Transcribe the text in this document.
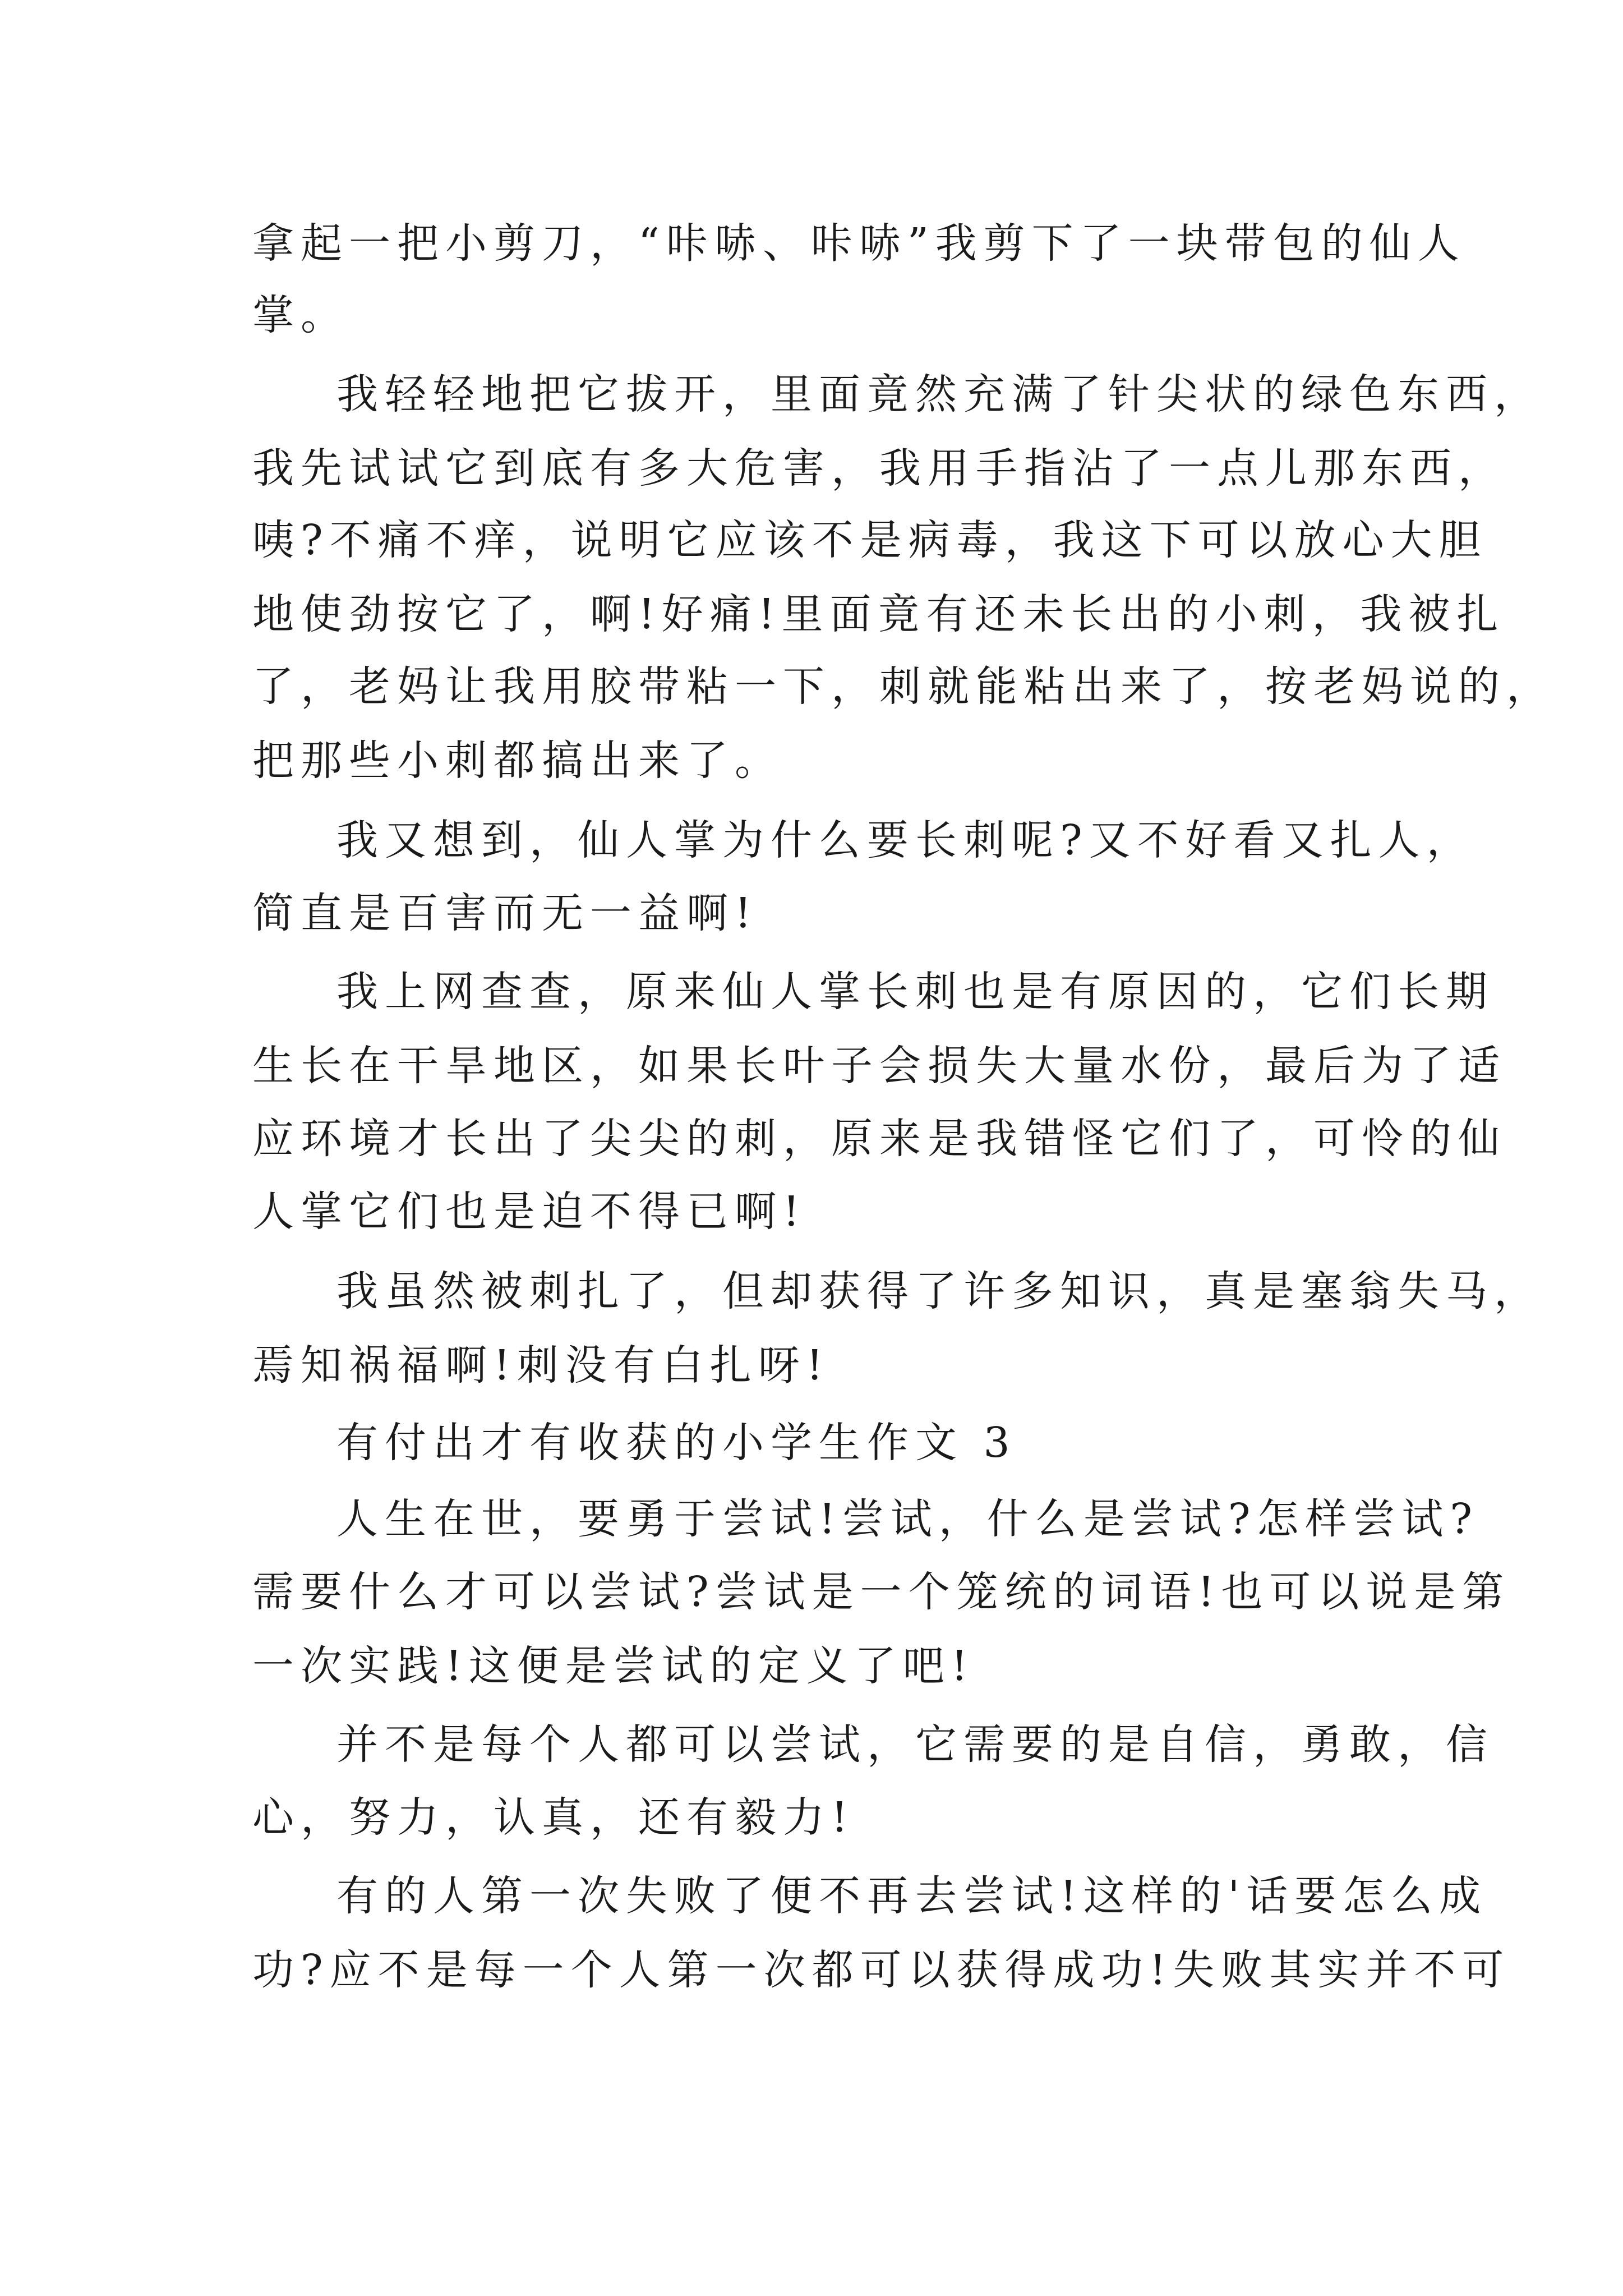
拿起一把小剪刀，“咔哧、咔哧”我剪下了一块带包的仙人
掌。
我轻轻地把它拔开，里面竟然充满了针尖状的绿色东西，
我先试试它到底有多大危害，我用手指沾了一点儿那东西，
咦?不痛不痒，说明它应该不是病毒，我这下可以放心大胆
地使劲按它了，啊!好痛!里面竟有还未长出的小刺，我被扎
了，老妈让我用胶带粘一下，刺就能粘出来了，按老妈说的，
把那些小刺都搞出来了。
我又想到，仙人掌为什么要长刺呢?又不好看又扎人，
简直是百害而无一益啊!
我上网查查，原来仙人掌长刺也是有原因的，它们长期
生长在干旱地区，如果长叶子会损失大量水份，最后为了适
应环境才长出了尖尖的刺，原来是我错怪它们了，可怜的仙
人掌它们也是迫不得已啊!
我虽然被刺扎了，但却获得了许多知识，真是塞翁失马，
焉知祸福啊!刺没有白扎呀!
有付出才有收获的小学生作文 3
人生在世，要勇于尝试!尝试，什么是尝试?怎样尝试?
需要什么才可以尝试?尝试是一个笼统的词语!也可以说是第
一次实践!这便是尝试的定义了吧!
并不是每个人都可以尝试，它需要的是自信，勇敢，信
心，努力，认真，还有毅力!
有的人第一次失败了便不再去尝试!这样的'话要怎么成
功?应不是每一个人第一次都可以获得成功!失败其实并不可
